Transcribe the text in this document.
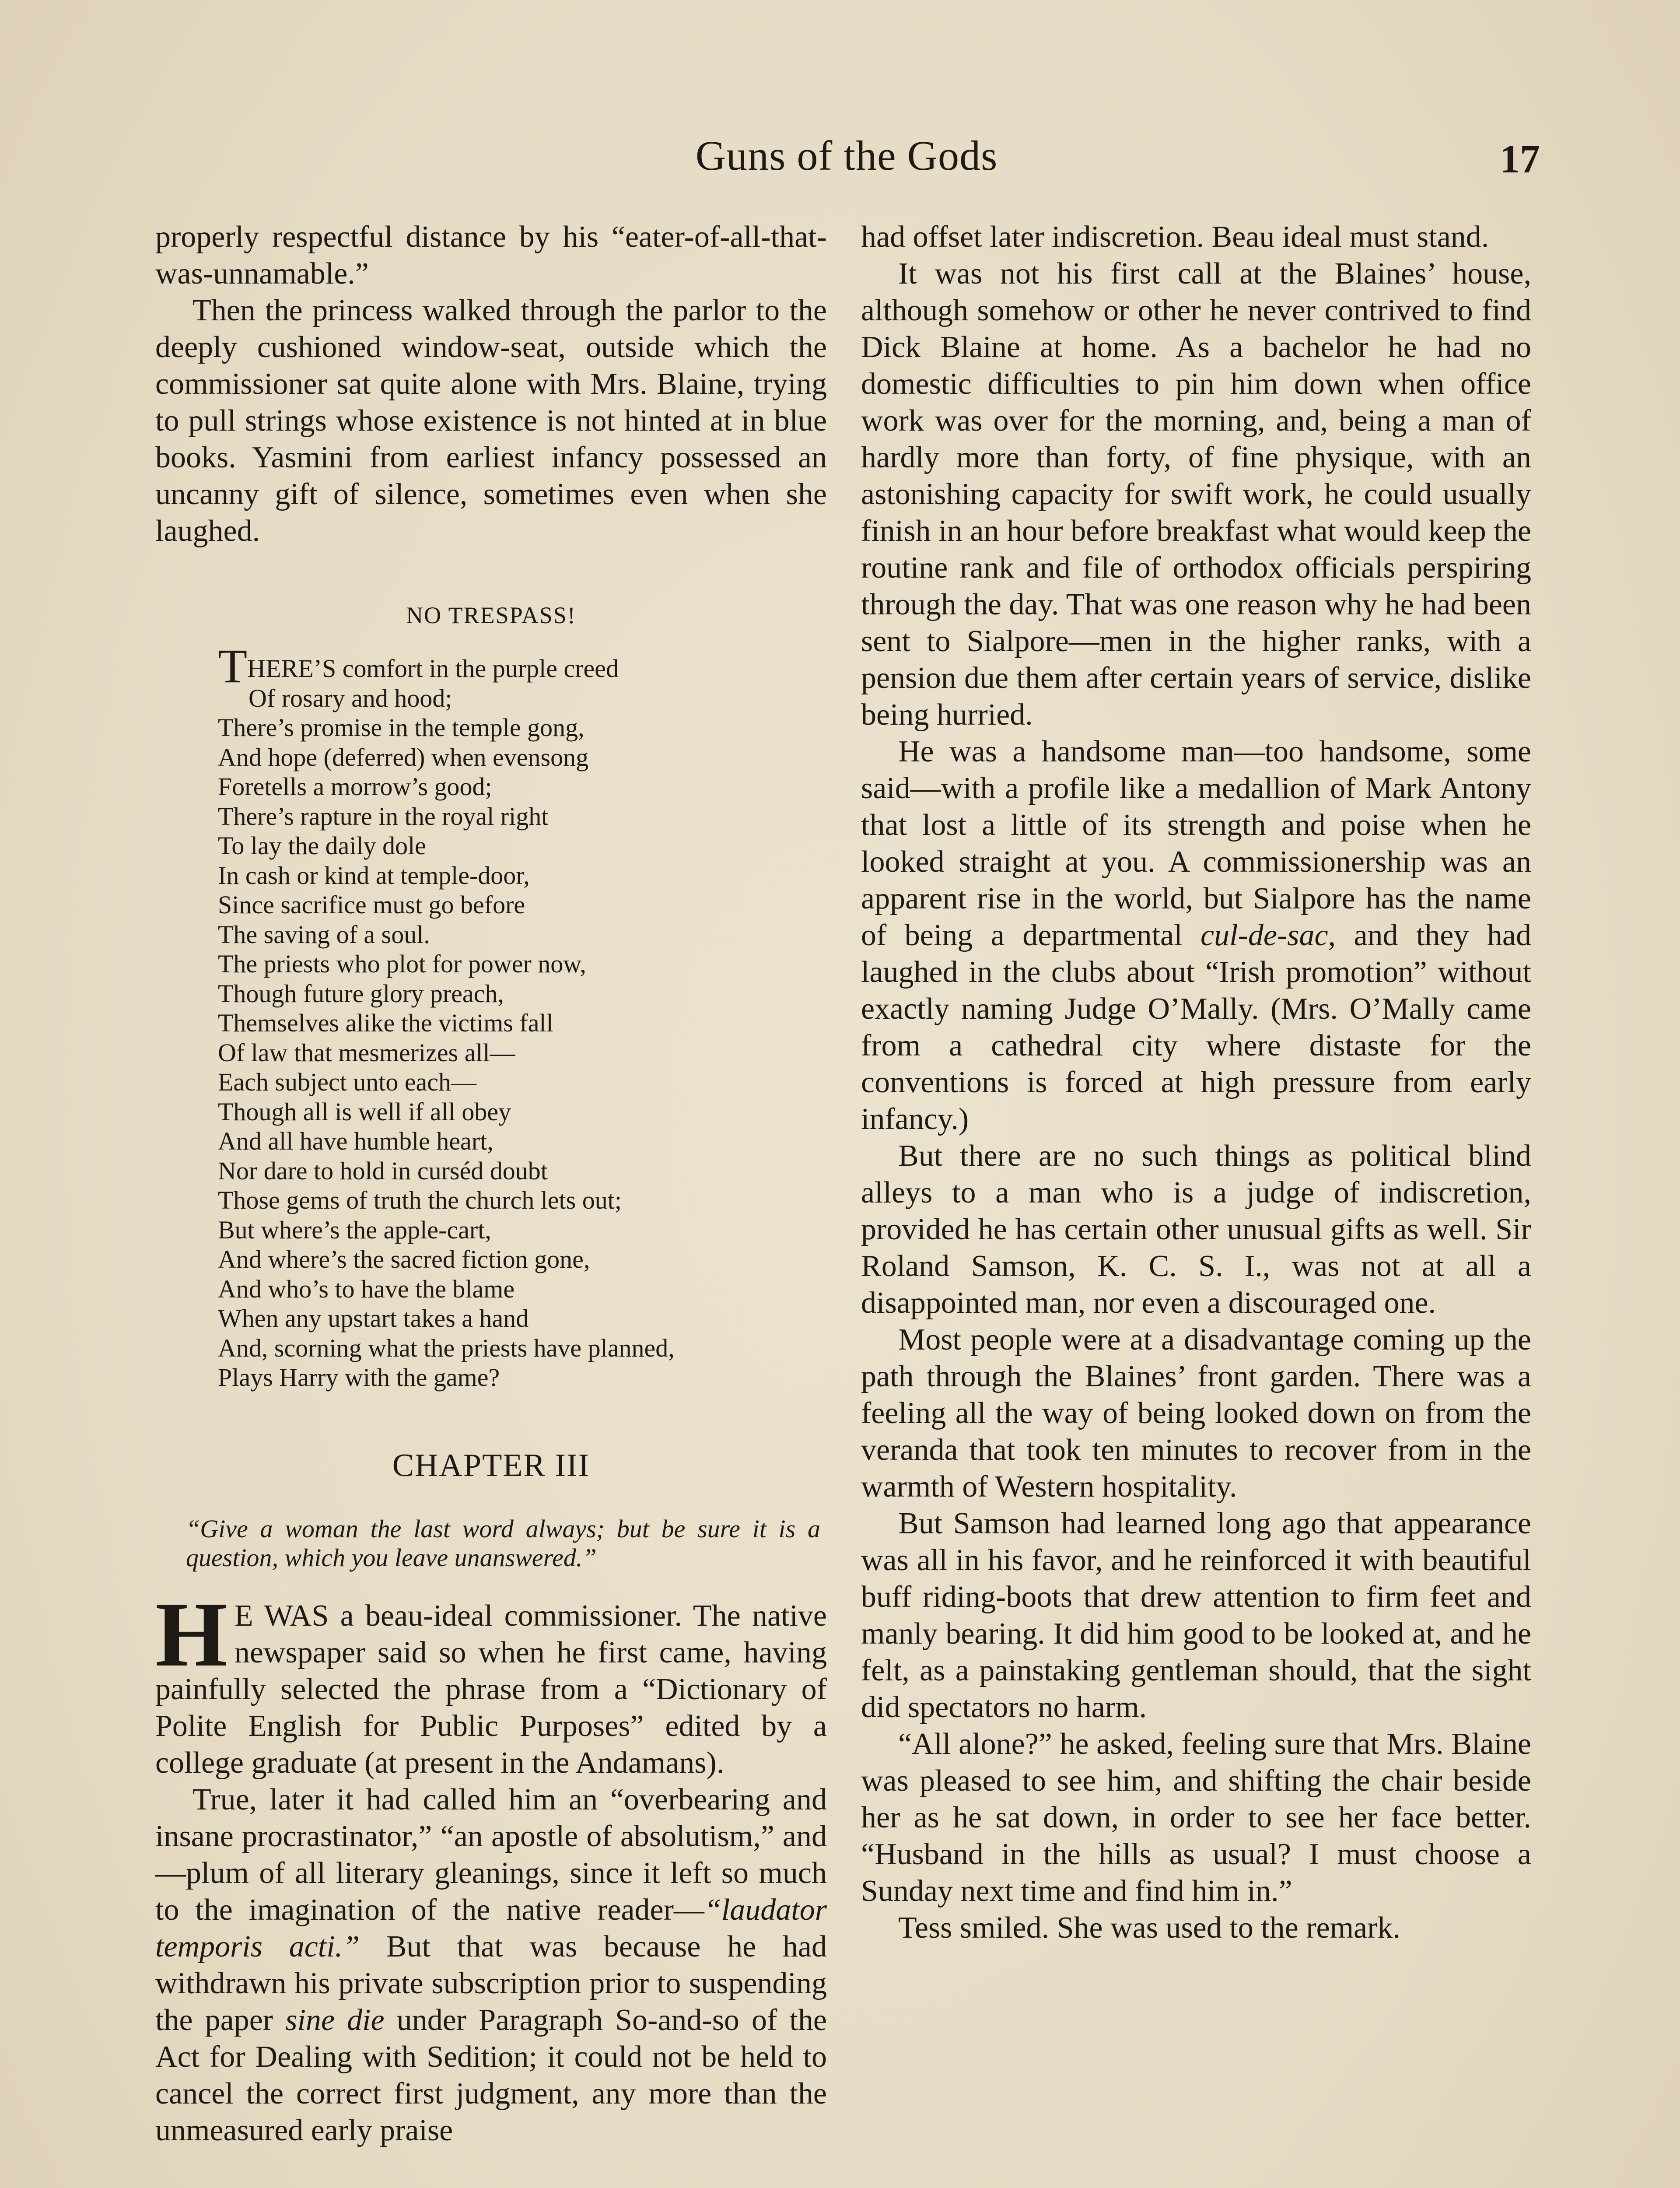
Guns of the Gods	17

properly respectful distance by his “eater-of-all-that-was-unnamable.”

Then the princess walked through the parlor to the deeply cushioned window-seat, outside which the commissioner sat quite alone with Mrs. Blaine, trying to pull strings whose existence is not hinted at in blue books. Yasmini from earliest infancy possessed an uncanny gift of silence, sometimes even when she laughed.

NO TRESPASS!

THERE’S comfort in the purple creed
Of rosary and hood;
There’s promise in the temple gong,
And hope (deferred) when evensong
Foretells a morrow’s good;
There’s rapture in the royal right
To lay the daily dole
In cash or kind at temple-door,
Since sacrifice must go before
The saving of a soul.
The priests who plot for power now,
Though future glory preach,
Themselves alike the victims fall
Of law that mesmerizes all—
Each subject unto each—
Though all is well if all obey
And all have humble heart,
Nor dare to hold in curséd doubt
Those gems of truth the church lets out;
But where’s the apple-cart,
And where’s the sacred fiction gone,
And who’s to have the blame
When any upstart takes a hand
And, scorning what the priests have planned,
Plays Harry with the game?

CHAPTER III

“Give a woman the last word always; but be sure it is a question, which you leave unanswered.”

H E WAS a beau-ideal commissioner. The native newspaper said so when he first came, having painfully selected the phrase from a “Dictionary of Polite English for Public Purposes” edited by a college graduate (at present in the Andamans).

True, later it had called him an “overbearing and insane procrastinator,” “an apostle of absolutism,” and—plum of all literary gleanings, since it left so much to the imagination of the native reader—“laudator temporis acti.” But that was because he had withdrawn his private subscription prior to suspending the paper sine die under Paragraph So-and-so of the Act for Dealing with Sedition; it could not be held to cancel the correct first judgment, any more than the unmeasured early praise

had offset later indiscretion. Beau ideal must stand.

It was not his first call at the Blaines’ house, although somehow or other he never contrived to find Dick Blaine at home. As a bachelor he had no domestic difficulties to pin him down when office work was over for the morning, and, being a man of hardly more than forty, of fine physique, with an astonishing capacity for swift work, he could usually finish in an hour before breakfast what would keep the routine rank and file of orthodox officials perspiring through the day. That was one reason why he had been sent to Sialpore—men in the higher ranks, with a pension due them after certain years of service, dislike being hurried.

He was a handsome man—too handsome, some said—with a profile like a medallion of Mark Antony that lost a little of its strength and poise when he looked straight at you. A commissionership was an apparent rise in the world, but Sialpore has the name of being a departmental cul-de-sac, and they had laughed in the clubs about “Irish promotion” without exactly naming Judge O’Mally. (Mrs. O’Mally came from a cathedral city where distaste for the conventions is forced at high pressure from early infancy.)

But there are no such things as political blind alleys to a man who is a judge of indiscretion, provided he has certain other unusual gifts as well. Sir Roland Samson, K. C. S. I., was not at all a disappointed man, nor even a discouraged one.

Most people were at a disadvantage coming up the path through the Blaines’ front garden. There was a feeling all the way of being looked down on from the veranda that took ten minutes to recover from in the warmth of Western hospitality.

But Samson had learned long ago that appearance was all in his favor, and he reinforced it with beautiful buff riding-boots that drew attention to firm feet and manly bearing. It did him good to be looked at, and he felt, as a painstaking gentleman should, that the sight did spectators no harm.

“All alone?” he asked, feeling sure that Mrs. Blaine was pleased to see him, and shifting the chair beside her as he sat down, in order to see her face better. “Husband in the hills as usual? I must choose a Sunday next time and find him in.”

Tess smiled. She was used to the remark.
